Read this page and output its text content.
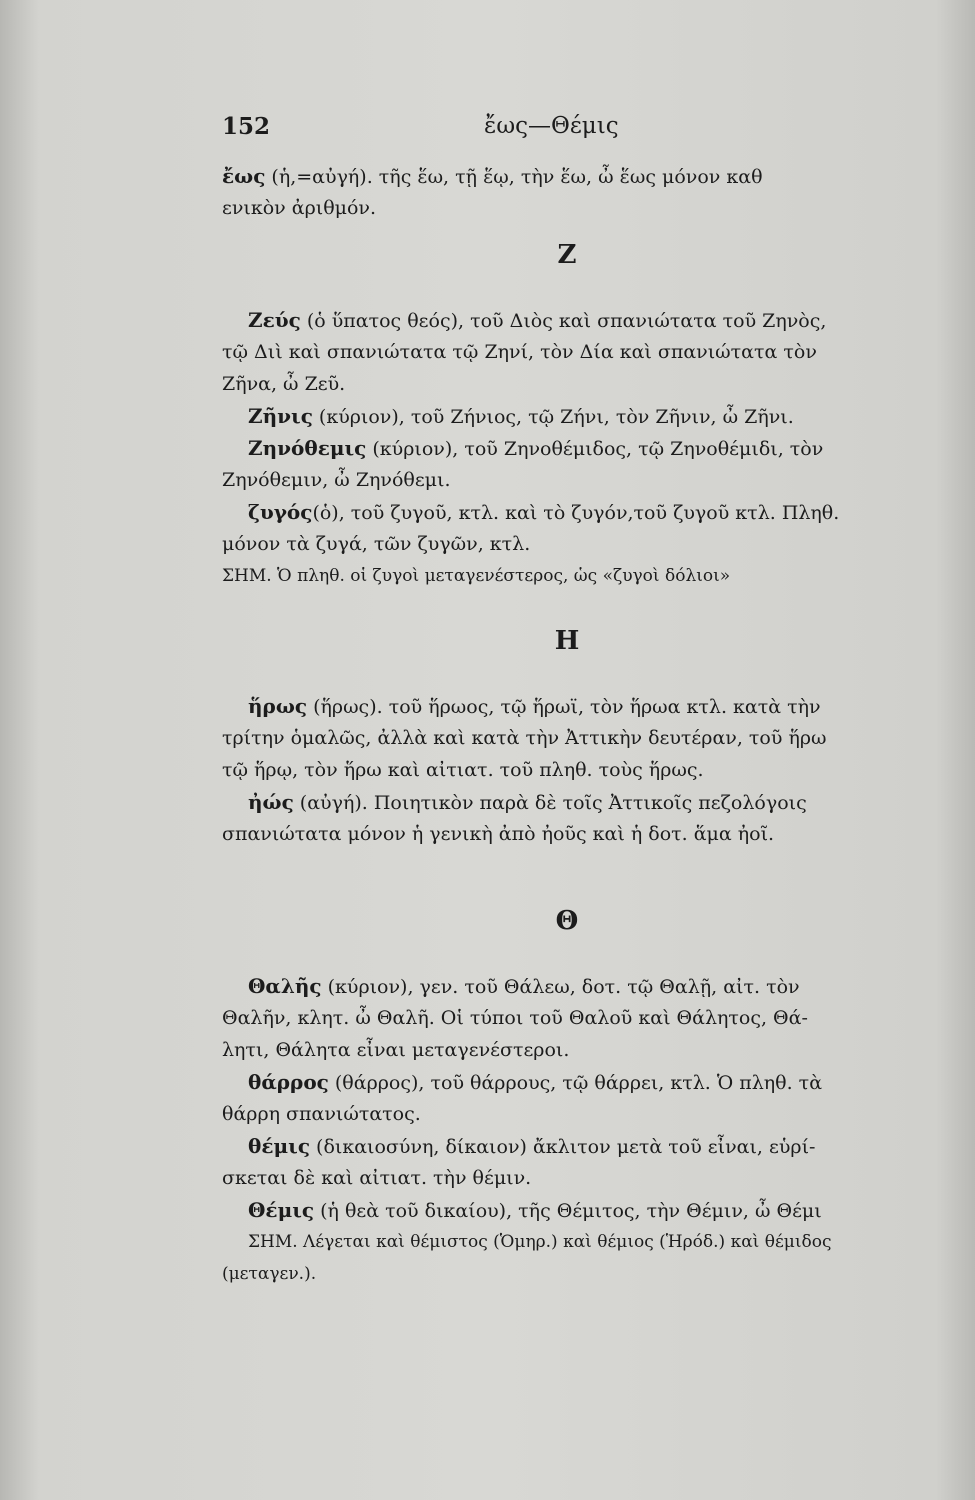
152	ἔως—Θέμις
ἔως (ἡ,=αὐγή). τῆς ἕω, τῇ ἕῳ, τὴν ἕω, ὦ ἕως μόνον καθ
ενικὸν ἀριθμόν.
Ζ
Ζεύς (ὁ ὕπατος θεός), τοῦ Διὸς καὶ σπανιώτατα τοῦ Ζηνὸς,
τῷ Διὶ καὶ σπανιώτατα τῷ Ζηνί, τὸν Δία καὶ σπανιώτατα τὸν
Ζῆνα, ὦ Ζεῦ.
Ζῆνις (κύριον), τοῦ Ζήνιος, τῷ Ζήνι, τὸν Ζῆνιν, ὦ Ζῆνι.
Ζηνόθεμις (κύριον), τοῦ Ζηνοθέμιδος, τῷ Ζηνοθέμιδι, τὸν
Ζηνόθεμιν, ὦ Ζηνόθεμι.
ζυγός(ὁ), τοῦ ζυγοῦ, κτλ. καὶ τὸ ζυγόν,τοῦ ζυγοῦ κτλ. Πληθ.
μόνον τὰ ζυγά, τῶν ζυγῶν, κτλ.
ΣΗΜ. Ὁ πληθ. οἱ ζυγοὶ μεταγενέστερος, ὡς «ζυγοὶ δόλιοι»
Η
ἥρως (ἥρως). τοῦ ἥρωος, τῷ ἥρωϊ, τὸν ἥρωα κτλ. κατὰ τὴν
τρίτην ὁμαλῶς, ἀλλὰ καὶ κατὰ τὴν Ἀττικὴν δευτέραν, τοῦ ἥρω
τῷ ἥρῳ, τὸν ἥρω καὶ αἰτιατ. τοῦ πληθ. τοὺς ἥρως.
ἠώς (αὐγή). Ποιητικὸν παρὰ δὲ τοῖς Ἀττικοῖς πεζολόγοις
σπανιώτατα μόνον ἡ γενικὴ ἀπὸ ἠοῦς καὶ ἡ δοτ. ἅμα ἠοῖ.
Θ
Θαλῆς (κύριον), γεν. τοῦ Θάλεω, δοτ. τῷ Θαλῇ, αἰτ. τὸν
Θαλῆν, κλητ. ὦ Θαλῆ. Οἱ τύποι τοῦ Θαλοῦ καὶ Θάλητος, Θά-
λητι, Θάλητα εἶναι μεταγενέστεροι.
θάρρος (θάρρος), τοῦ θάρρους, τῷ θάρρει, κτλ. Ὁ πληθ. τὰ
θάρρη σπανιώτατος.
θέμις (δικαιοσύνη, δίκαιον) ἄκλιτον μετὰ τοῦ εἶναι, εὑρί-
σκεται δὲ καὶ αἰτιατ. τὴν θέμιν.
Θέμις (ἡ θεὰ τοῦ δικαίου), τῆς Θέμιτος, τὴν Θέμιν, ὦ Θέμι
ΣΗΜ. Λέγεται καὶ θέμιστος (Ὁμηρ.) καὶ θέμιος (Ἡρόδ.) καὶ θέμιδος
(μεταγεν.).
